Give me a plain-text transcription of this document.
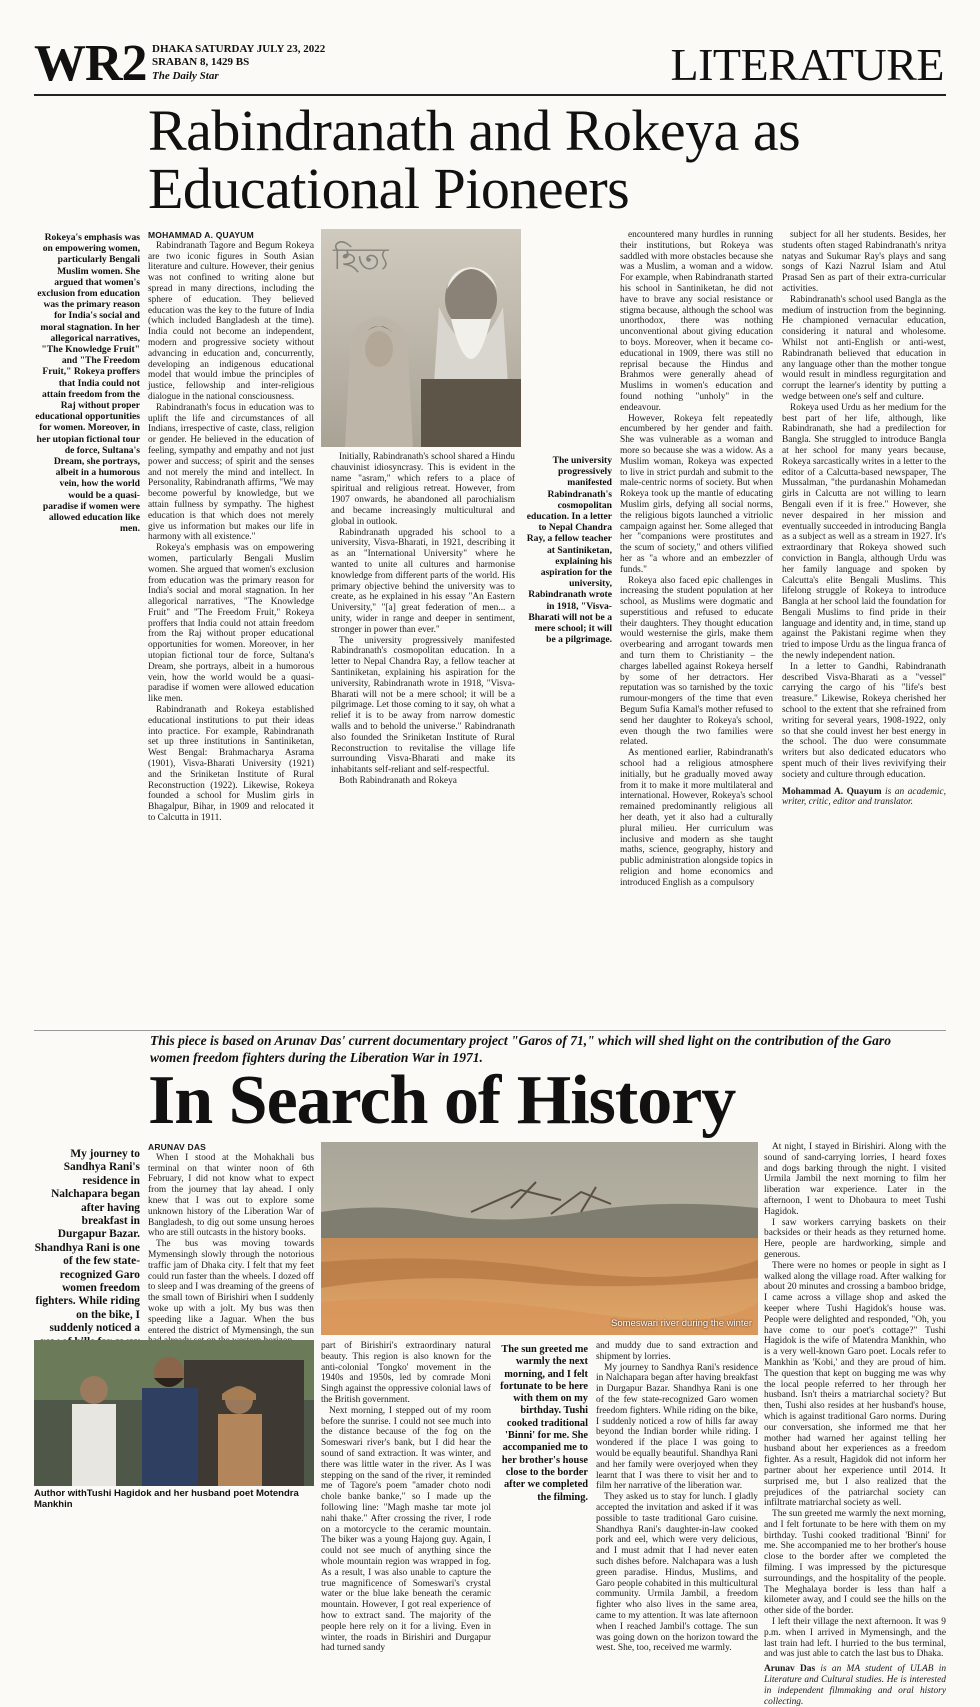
WR2 DHAKA SATURDAY JULY 23, 2022
SRABAN 8, 1429 BS
The Daily Star	LITERATURE
Rabindranath and Rokeya as
Educational Pioneers
Rokeya's emphasis was on empowering women, particularly Bengali Muslim women. She argued that women's exclusion from education was the primary reason for India's social and moral stagnation. In her allegorical narratives, "The Knowledge Fruit" and "The Freedom Fruit," Rokeya proffers that India could not attain freedom from the Raj without proper educational opportunities for women. Moreover, in her utopian fictional tour de force, Sultana's Dream, she portrays, albeit in a humorous vein, how the world would be a quasi-paradise if women were allowed education like men.

MOHAMMAD A. QUAYUM

Rabindranath Tagore and Begum Rokeya are two iconic figures in South Asian literature and culture. However, their genius was not confined to writing alone but spread in many directions, including the sphere of education. They believed education was the key to the future of India (which included Bangladesh at the time). India could not become an independent, modern and progressive society without advancing in education and, concurrently, developing an indigenous educational model that would imbue the principles of justice, fellowship and inter-religious dialogue in the national consciousness.

Rabindranath's focus in education was to uplift the life and circumstances of all Indians, irrespective of caste, class, religion or gender. He believed in the education of feeling, sympathy and empathy and not just power and success; of spirit and the senses and not merely the mind and intellect. In Personality, Rabindranath affirms, "We may become powerful by knowledge, but we attain fullness by sympathy. The highest education is that which does not merely give us information but makes our life in harmony with all existence."

Rokeya's emphasis was on empowering women, particularly Bengali Muslim women. She argued that women's exclusion from education was the primary reason for India's social and moral stagnation. In her allegorical narratives, "The Knowledge Fruit" and "The Freedom Fruit," Rokeya proffers that India could not attain freedom from the Raj without proper educational opportunities for women. Moreover, in her utopian fictional tour de force, Sultana's Dream, she portrays, albeit in a humorous vein, how the world would be a quasi-paradise if women were allowed education like men.

Rabindranath and Rokeya established educational institutions to put their ideas into practice. For example, Rabindranath set up three institutions in Santiniketan, West Bengal: Brahmacharya Asrama (1901), Visva-Bharati University (1921) and the Sriniketan Institute of Rural Reconstruction (1922). Likewise, Rokeya founded a school for Muslim girls in Bhagalpur, Bihar, in 1909 and relocated it to Calcutta in 1911.

হিত্য

Initially, Rabindranath's school shared a Hindu chauvinist idiosyncrasy. This is evident in the name "asram," which refers to a place of spiritual and religious retreat. However, from 1907 onwards, he abandoned all parochialism and became increasingly multicultural and global in outlook.

Rabindranath upgraded his school to a university, Visva-Bharati, in 1921, describing it as an "International University" where he wanted to unite all cultures and harmonise knowledge from different parts of the world. His primary objective behind the university was to create, as he explained in his essay "An Eastern University," "[a] great federation of men... a unity, wider in range and deeper in sentiment, stronger in power than ever."

The university progressively manifested Rabindranath's cosmopolitan education. In a letter to Nepal Chandra Ray, a fellow teacher at Santiniketan, explaining his aspiration for the university, Rabindranath wrote in 1918, "Visva-Bharati will not be a mere school; it will be a pilgrimage. Let those coming to it say, oh what a relief it is to be away from narrow domestic walls and to behold the universe." Rabindranath also founded the Sriniketan Institute of Rural Reconstruction to revitalise the village life surrounding Visva-Bharati and make its inhabitants self-reliant and self-respectful.

Both Rabindranath and Rokeya

The university progressively manifested Rabindranath's cosmopolitan education. In a letter to Nepal Chandra Ray, a fellow teacher at Santiniketan, explaining his aspiration for the university, Rabindranath wrote in 1918, "Visva-Bharati will not be a mere school; it will be a pilgrimage.

encountered many hurdles in running their institutions, but Rokeya was saddled with more obstacles because she was a Muslim, a woman and a widow. For example, when Rabindranath started his school in Santiniketan, he did not have to brave any social resistance or stigma because, although the school was unorthodox, there was nothing unconventional about giving education to boys. Moreover, when it became co-educational in 1909, there was still no reprisal because the Hindus and Brahmos were generally ahead of Muslims in women's education and found nothing "unholy" in the endeavour.

However, Rokeya felt repeatedly encumbered by her gender and faith. She was vulnerable as a woman and more so because she was a widow. As a Muslim woman, Rokeya was expected to live in strict purdah and submit to the male-centric norms of society. But when Rokeya took up the mantle of educating Muslim girls, defying all social norms, the religious bigots launched a vitriolic campaign against her. Some alleged that her "companions were prostitutes and the scum of society," and others vilified her as "a whore and an embezzler of funds."

Rokeya also faced epic challenges in increasing the student population at her school, as Muslims were dogmatic and superstitious and refused to educate their daughters. They thought education would westernise the girls, make them overbearing and arrogant towards men and turn them to Christianity – the charges labelled against Rokeya herself by some of her detractors. Her reputation was so tarnished by the toxic rumour-mongers of the time that even Begum Sufia Kamal's mother refused to send her daughter to Rokeya's school, even though the two families were related.

As mentioned earlier, Rabindranath's school had a religious atmosphere initially, but he gradually moved away from it to make it more multilateral and international. However, Rokeya's school remained predominantly religious all her death, yet it also had a culturally plural milieu. Her curriculum was inclusive and modern as she taught maths, science, geography, history and public administration alongside topics in religion and home economics and introduced English as a compulsory

subject for all her students. Besides, her students often staged Rabindranath's nritya natyas and Sukumar Ray's plays and sang songs of Kazi Nazrul Islam and Atul Prasad Sen as part of their extra-curricular activities.

Rabindranath's school used Bangla as the medium of instruction from the beginning. He championed vernacular education, considering it natural and wholesome. Whilst not anti-English or anti-west, Rabindranath believed that education in any language other than the mother tongue would result in mindless regurgitation and corrupt the learner's identity by putting a wedge between one's self and culture.

Rokeya used Urdu as her medium for the best part of her life, although, like Rabindranath, she had a predilection for Bangla. She struggled to introduce Bangla at her school for many years because, Rokeya sarcastically writes in a letter to the editor of a Calcutta-based newspaper, The Mussalman, "the purdanashin Mohamedan girls in Calcutta are not willing to learn Bengali even if it is free." However, she never despaired in her mission and eventually succeeded in introducing Bangla as a subject as well as a stream in 1927. It's extraordinary that Rokeya showed such conviction in Bangla, although Urdu was her family language and spoken by Calcutta's elite Bengali Muslims. This lifelong struggle of Rokeya to introduce Bangla at her school laid the foundation for Bengali Muslims to find pride in their language and identity and, in time, stand up against the Pakistani regime when they tried to impose Urdu as the lingua franca of the newly independent nation.

In a letter to Gandhi, Rabindranath described Visva-Bharati as a "vessel" carrying the cargo of his "life's best treasure." Likewise, Rokeya cherished her school to the extent that she refrained from writing for several years, 1908-1922, only so that she could invest her best energy in the school. The duo were consummate writers but also dedicated educators who spent much of their lives revivifying their society and culture through education.

Mohammad A. Quayum is an academic, writer, critic, editor and translator.

This piece is based on Arunav Das' current documentary project "Garos of 71," which will shed light on the contribution of the Garo women freedom fighters during the Liberation War in 1971.
In Search of History
My journey to Sandhya Rani's residence in Nalchapara began after having breakfast in Durgapur Bazar. Shandhya Rani is one of the few state-recognized Garo women freedom fighters. While riding on the bike, I suddenly noticed a

ARUNAV DAS

When I stood at the Mohakhali bus terminal on that winter noon of 6th February, I did not know what to expect from the journey that lay ahead. I only knew that I was out to explore some unknown history of the Liberation War of Bangladesh, to dig out some unsung heroes who are still outcasts in the history books.

The bus was moving towards Mymensingh slowly through the notorious traffic jam of Dhaka city. I felt that my feet could run faster than the wheels. I dozed off to sleep and I was dreaming of the greens of the small town of Birishiri when I suddenly woke up with a jolt. My bus was then speeding like a Jaguar. When the bus entered the district of Mymensingh, the sun

Someswari river during the winter

At night, I stayed in Birishiri. Along with the sound of sand-carrying lorries, I heard foxes and dogs barking through the night. I visited Urmila Jambil the next morning to film her liberation war experience. Later in the afternoon, I went to Dhobaura to meet Tushi Hagidok.

I saw workers carrying baskets on their backsides or their heads as they returned home. Here, people are hardworking, simple and generous.

There were no homes or people in sight as I walked along the village road. After walking for about 20 minutes and crossing a bamboo bridge, I came across a village shop and asked the keeper where Tushi Hagidok's house was. People were delighted and responded, "Oh, you have come to our poet's cottage?" Tushi Hagidok is the wife of Matendra Mankhin, who is a very well-known Garo poet. Locals refer to Mankhin as 'Kobi,' and they are proud of him. The question that kept on bugging me was why the local people referred to her through her husband. Isn't theirs a matriarchal society? But then, Tushi also resides at her husband's house, which is against traditional Garo norms. During our conversation, she informed me that her mother had warned her against telling her husband about her experiences as a freedom fighter. As a result, Hagidok did not inform her partner about her experience until 2014. It surprised me, but I also realized that the prejudices of the patriarchal society can infiltrate matriarchal society as well.

The sun greeted me warmly the next morning, and I felt fortunate to be here with them on my birthday. Tushi cooked traditional 'Binni' for me. She accompanied me to her brother's house close to the border after we completed the filming. I was impressed by the picturesque surroundings, and the hospitality of the people. The Meghalaya border is less than half a kilometer away, and I could see the hills on the other side of the border.

I left their village the next afternoon. It was 9 p.m. when I arrived in Mymensingh, and the last train had left. I hurried to the bus terminal, and was just able to catch the last bus to Dhaka.

Arunav Das is an MA student of ULAB in Literature and Cultural studies. He is interested in independent filmmaking and oral history collecting.

Author withTushi Hagidok and her husband poet Motendra Mankhin

part of Birishiri's extraordinary natural beauty. This region is also known for the anti-colonial 'Tongko' movement in the 1940s and 1950s, led by comrade Moni Singh against the oppressive colonial laws of the British government.

Next morning, I stepped out of my room before the sunrise. I could not see much into the distance because of the fog on the Someswari river's bank, but I did hear the sound of sand extraction. It was winter, and there was little water in the river. As I was stepping on the sand of the river, it reminded me of Tagore's poem "amader choto nodi chole banke banke," so I made up the following line: "Magh mashe tar mote jol nahi thake." After crossing the river, I rode on a motorcycle to the ceramic mountain. The biker was a young Hajong guy. Again, I could not see much of anything since the whole mountain region was wrapped in fog. As a result, I was also unable to capture the true magnificence of Someswari's crystal water or the blue lake beneath the ceramic mountain. However, I got real experience of how to extract sand. The majority of the people here rely on it for a living. Even in winter, the roads in Birishiri and Durgapur had turned sandy

The sun greeted me warmly the next morning, and I felt fortunate to be here with them on my birthday. Tushi cooked traditional 'Binni' for me. She accompanied me to her brother's house close to the border after we completed the filming.

and muddy due to sand extraction and shipment by lorries.

My journey to Sandhya Rani's residence in Nalchapara began after having breakfast in Durgapur Bazar. Shandhya Rani is one of the few state-recognized Garo women freedom fighters. While riding on the bike, I suddenly noticed a row of hills far away beyond the Indian border while riding. I wondered if the place I was going to would be equally beautiful. Shandhya Rani and her family were overjoyed when they learnt that I was there to visit her and to film her narrative of the liberation war.

They asked us to stay for lunch. I gladly accepted the invitation and asked if it was possible to taste traditional Garo cuisine. Shandhya Rani's daughter-in-law cooked pork and eel, which were very delicious, and I must admit that I had never eaten such dishes before. Nalchapara was a lush green paradise. Hindus, Muslims, and Garo people cohabited in this multicultural community. Urmila Jambil, a freedom fighter who also lives in the same area, came to my attention. It was late afternoon when I reached Jambil's cottage. The sun was going down on the horizon toward the west. She, too, received me warmly.
